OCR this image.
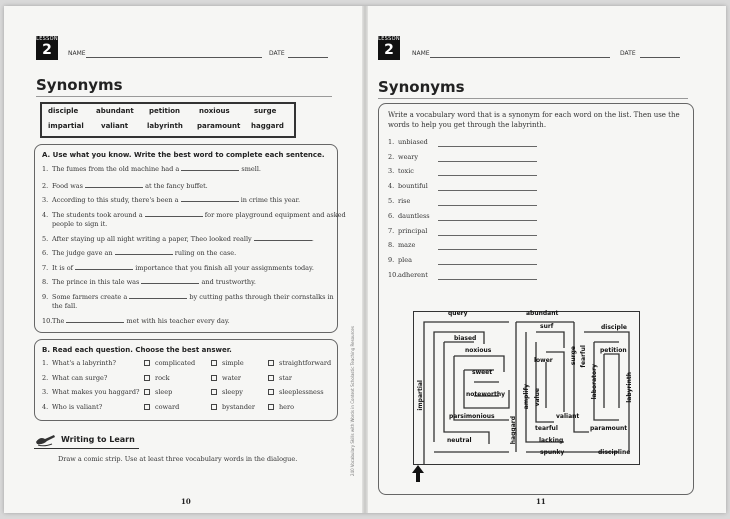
LESSON
2	NAME	DATE
Synonyms
disciple	abundant petition	noxious	surge
impartial valiant	labyrinth paramount haggard
A. Use what you know. Write the best word to complete each sentence.
1. The fumes from the old machine had a	smell.
2. Food was	at the fancy buffet.
3. According to this study, there's been a	in crime this year.
4. The students took around a	for more playground equipment and asked
people to sign it.
5. After staying up all night writing a paper, Theo looked really	.
6. The judge gave an	ruling on the case.
7. It is of	importance that you finish all your assignments today.
8. The prince in this tale was	and trustworthy.
9. Some farmers create a	by cutting paths through their cornstalks in
the fall.
10.The	met with his teacher every day.
B. Read each question. Choose the best answer.
1. What's a labyrinth?	complicated	simple	straightforward
2. What can surge?	rock	water	star
3. What makes you haggard?	sleep	sleepy	sleeplessness
4. Who is valiant?	coward	bystander	hero
Writing to Learn
Draw a comic strip. Use at least three vocabulary words in the dialogue.
10
240 Vocabulary Skills with Words in Context Scholastic Teaching Resources
LESSON
2	NAME	DATE
Synonyms
Write a vocabulary word that is a synonym for each word on the list. Then use the words to help you get through the labyrinth.
1. unbiased
2. weary
3. toxic
4. bountiful
5. rise
6. dauntless
7. principal
8. maze
9. plea
10.adherent
11
query	abundant
surf
biased
disciple
noxious	petition
lower
sweet
surge fearful
impartial	amplify value	laboratory	labyrinth
noteworthy
parsimonious	valiant
haggard	tearful	paramount
neutral	lacking
spunky	discipline
